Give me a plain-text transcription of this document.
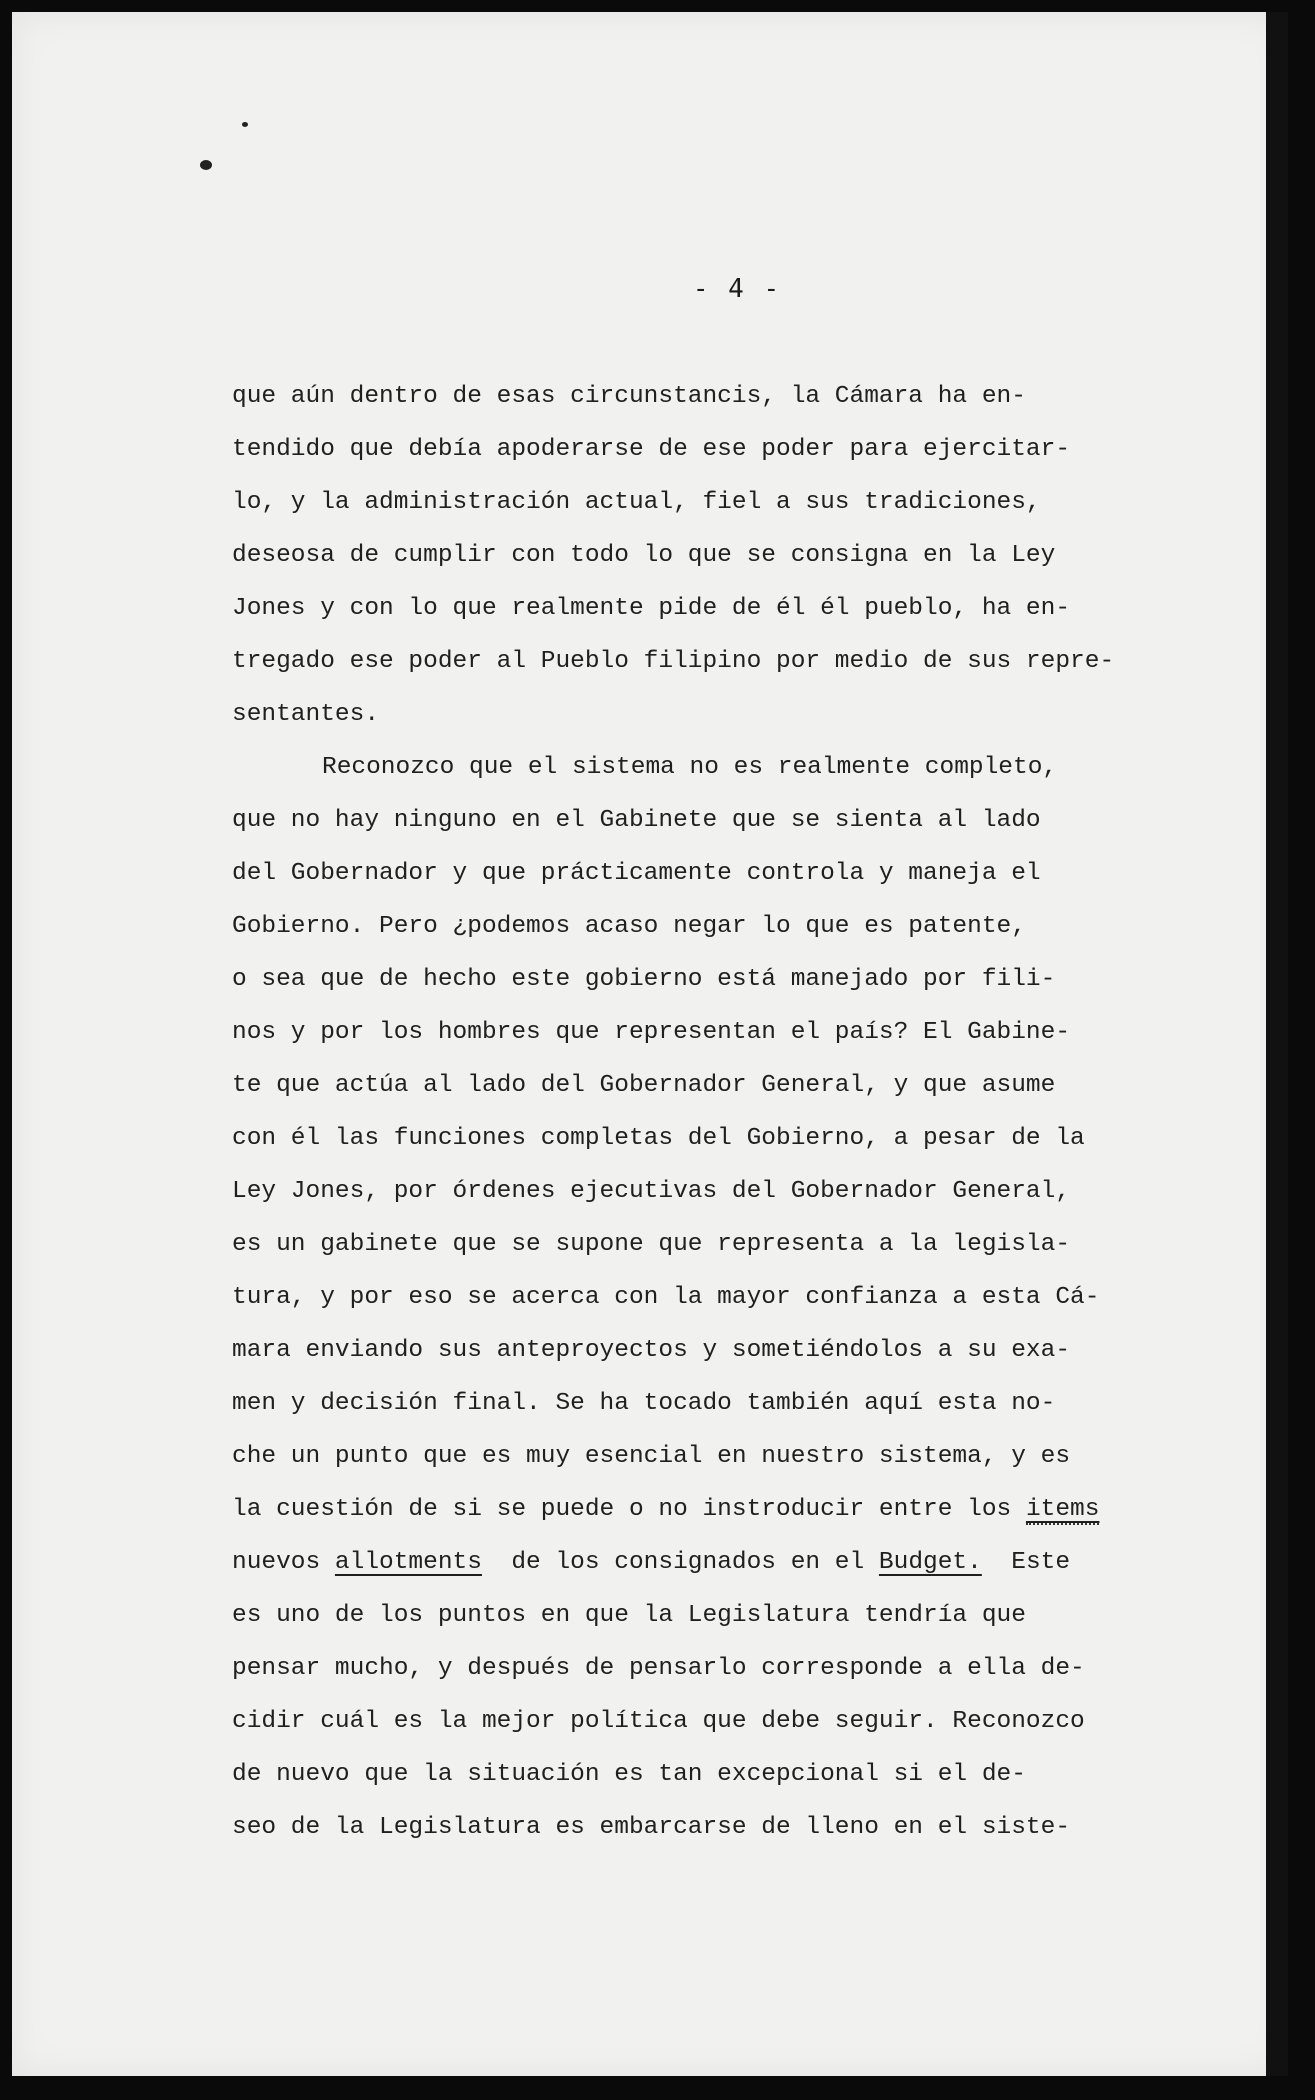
- 4 -
que aún dentro de esas circunstancis, la Cámara ha en-
tendido que debía apoderarse de ese poder para ejercitar-
lo, y la administración actual, fiel a sus tradiciones,
deseosa de cumplir con todo lo que se consigna en la Ley
Jones y con lo que realmente pide de él él pueblo, ha en-
tregado ese poder al Pueblo filipino por medio de sus repre-
sentantes.
Reconozco que el sistema no es realmente completo,
que no hay ninguno en el Gabinete que se sienta al lado
del Gobernador y que prácticamente controla y maneja el
Gobierno. Pero ¿podemos acaso negar lo que es patente,
o sea que de hecho este gobierno está manejado por fili-
nos y por los hombres que representan el país? El Gabine-
te que actúa al lado del Gobernador General, y que asume
con él las funciones completas del Gobierno, a pesar de la
Ley Jones, por órdenes ejecutivas del Gobernador General,
es un gabinete que se supone que representa a la legisla-
tura, y por eso se acerca con la mayor confianza a esta Cá-
mara enviando sus anteproyectos y sometiéndolos a su exa-
men y decisión final. Se ha tocado también aquí esta no-
che un punto que es muy esencial en nuestro sistema, y es
la cuestión de si se puede o no instroducir entre los items
nuevos allotments  de los consignados en el Budget.  Este
es uno de los puntos en que la Legislatura tendría que
pensar mucho, y después de pensarlo corresponde a ella de-
cidir cuál es la mejor política que debe seguir. Reconozco
de nuevo que la situación es tan excepcional si el de-
seo de la Legislatura es embarcarse de lleno en el siste-
